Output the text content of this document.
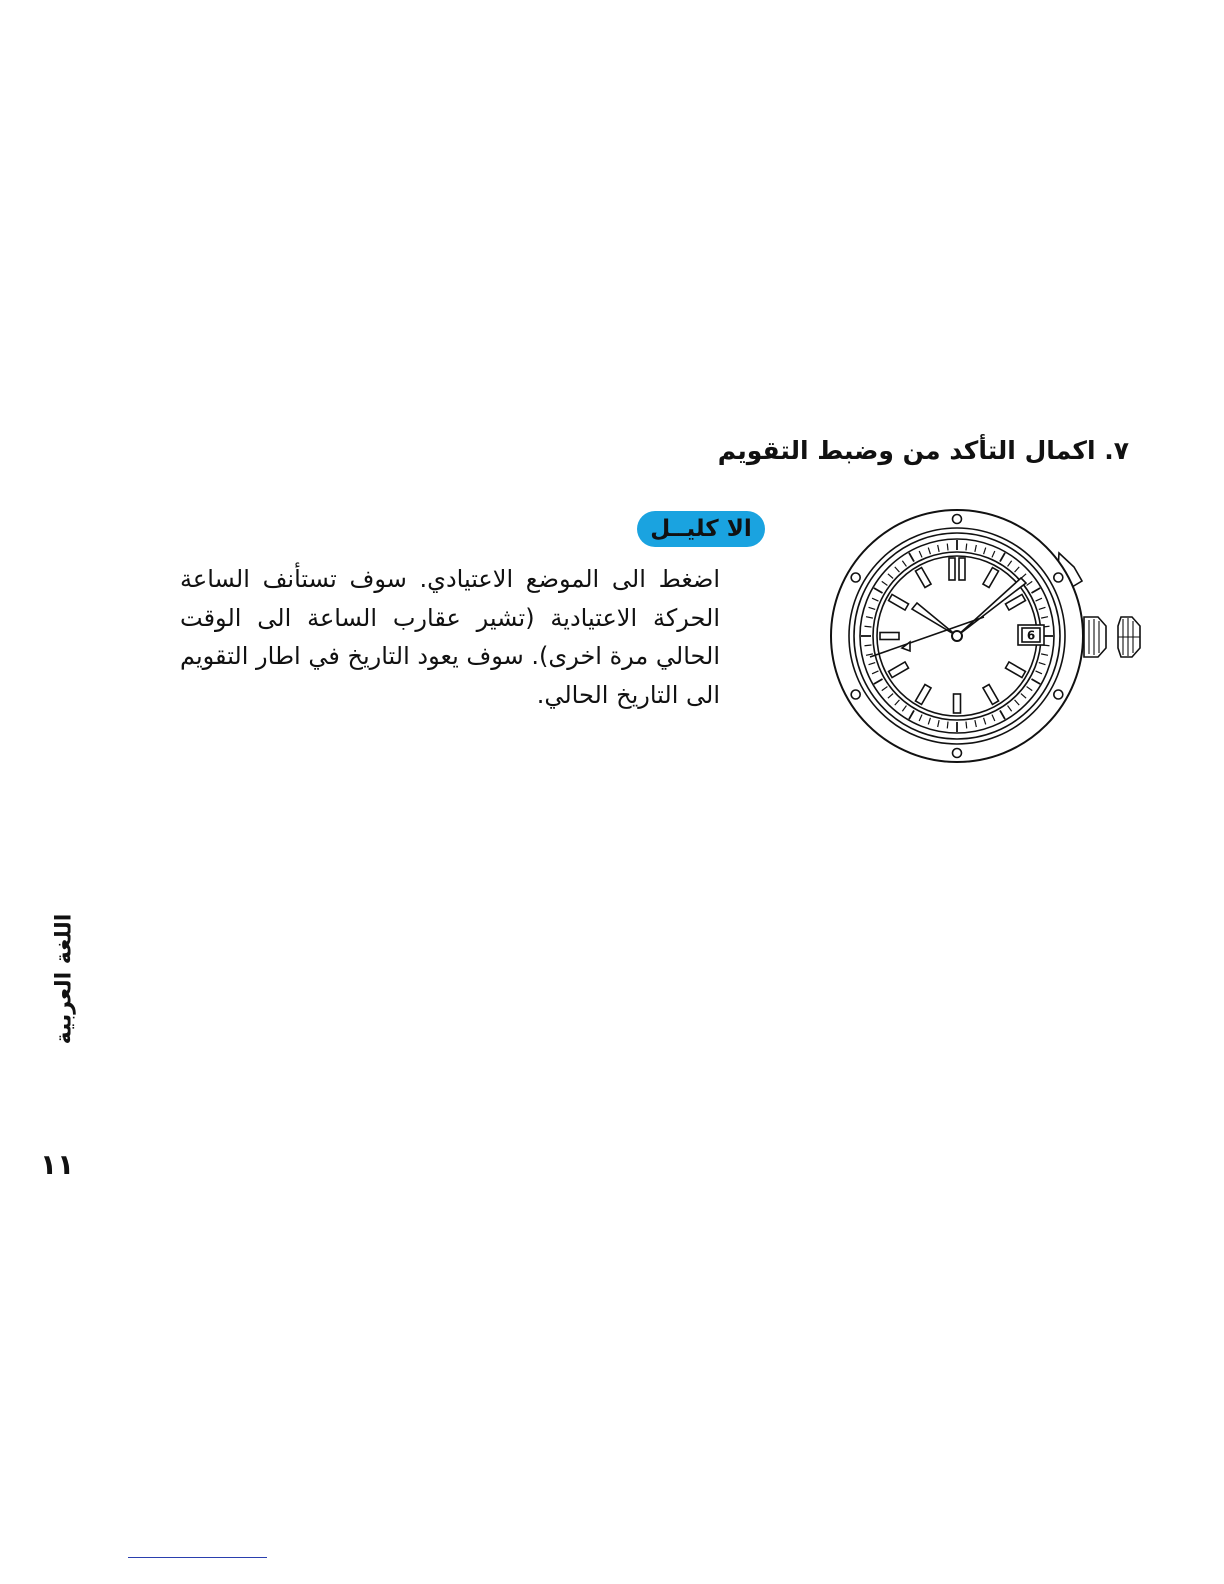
٧. اكمال التأكد من وضبط التقويم
الا كليــل

اضغط الى الموضع الاعتيادي. سوف تستأنف الساعة الحركة الاعتيادية (تشير عقارب الساعة الى الوقت الحالي مرة اخرى). سوف يعود التاريخ في اطار التقويم الى التاريخ الحالي.

6
اللغة العربية
١١
